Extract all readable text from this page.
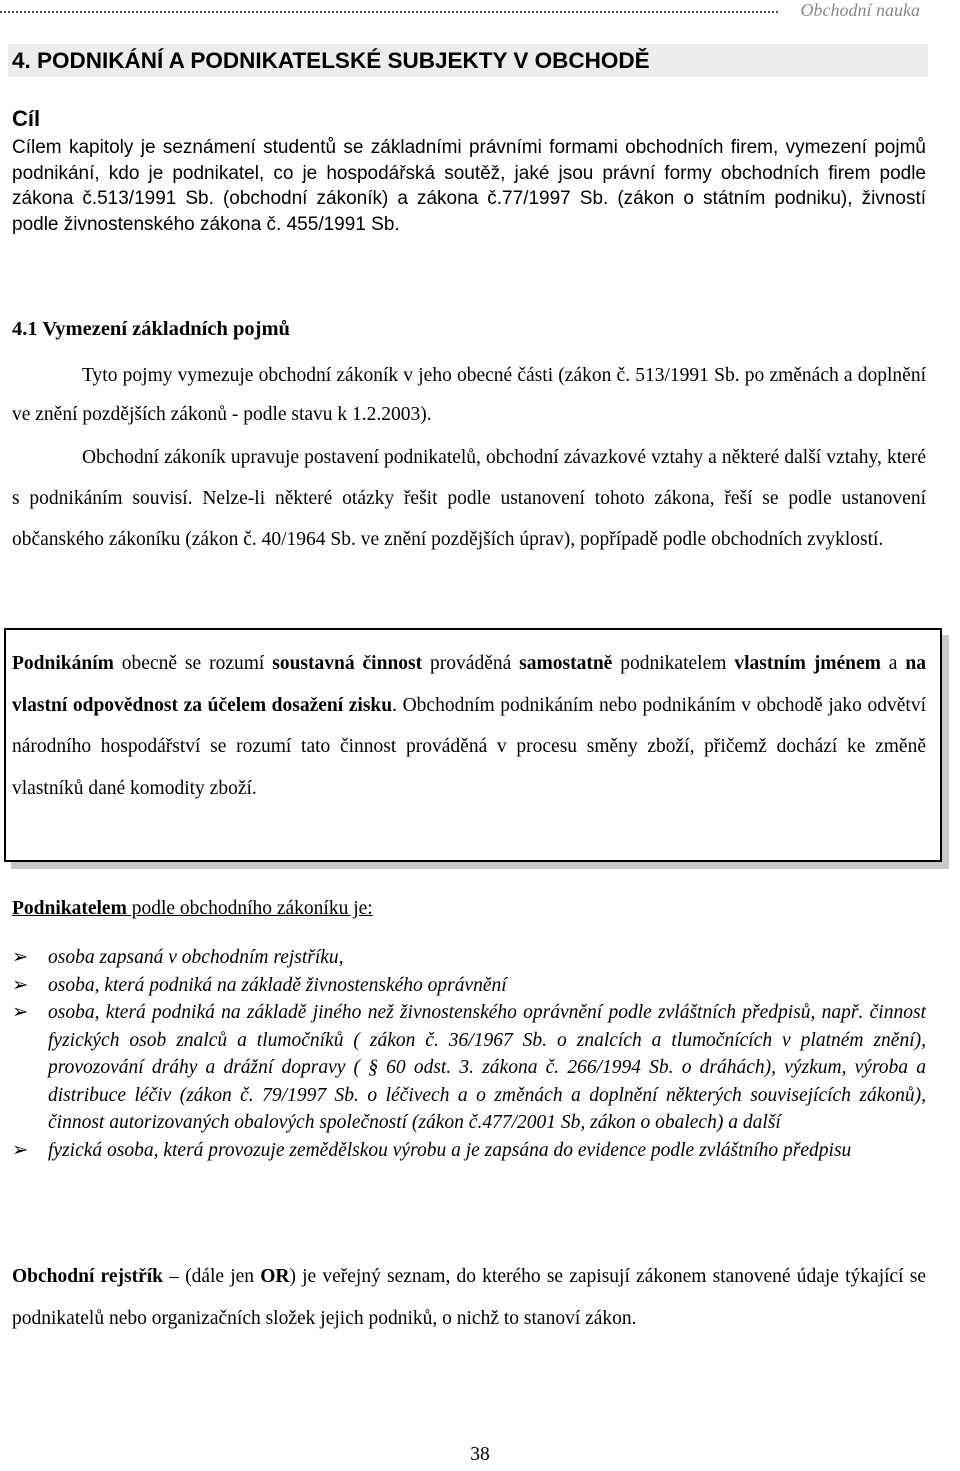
Obchodní nauka
4. PODNIKÁNÍ A PODNIKATELSKÉ SUBJEKTY V OBCHODĚ
Cíl
Cílem kapitoly je seznámení studentů se základními právními formami obchodních firem, vymezení pojmů podnikání, kdo je podnikatel, co je hospodářská soutěž, jaké jsou právní formy obchodních firem podle zákona č.513/1991 Sb. (obchodní zákoník) a zákona č.77/1997 Sb. (zákon o státním podniku), živností podle živnostenského zákona č. 455/1991 Sb.
4.1 Vymezení základních pojmů
Tyto pojmy vymezuje obchodní zákoník v jeho obecné části (zákon č. 513/1991 Sb. po změnách a doplnění ve znění pozdějších zákonů - podle stavu k 1.2.2003).
Obchodní zákoník upravuje postavení podnikatelů, obchodní závazkové vztahy a některé další vztahy, které s podnikáním souvisí. Nelze-li některé otázky řešit podle ustanovení tohoto zákona, řeší se podle ustanovení občanského zákoníku (zákon č. 40/1964 Sb. ve znění pozdějších úprav), popřípadě podle obchodních zvyklostí.
Podnikáním obecně se rozumí soustavná činnost prováděná samostatně podnikatelem vlastním jménem a na vlastní odpovědnost za účelem dosažení zisku. Obchodním podnikáním nebo podnikáním v obchodě jako odvětví národního hospodářství se rozumí tato činnost prováděná v procesu směny zboží, přičemž dochází ke změně vlastníků dané komodity zboží.
Podnikatelem podle obchodního zákoníku je:
➢ osoba zapsaná v obchodním rejstříku,
➢ osoba, která podniká na základě živnostenského oprávnění
➢ osoba, která podniká na základě jiného než živnostenského oprávnění podle zvláštních předpisů, např. činnost fyzických osob znalců a tlumočníků ( zákon č. 36/1967 Sb. o znalcích a tlumočnících v platném znění), provozování dráhy a drážní dopravy ( § 60 odst. 3. zákona č. 266/1994 Sb. o dráhách), výzkum, výroba a distribuce léčiv (zákon č. 79/1997 Sb. o léčivech a o změnách a doplnění některých souvisejících zákonů), činnost autorizovaných obalových společností (zákon č.477/2001 Sb, zákon o obalech) a další
➢ fyzická osoba, která provozuje zemědělskou výrobu a je zapsána do evidence podle zvláštního předpisu
Obchodní rejstřík – (dále jen OR) je veřejný seznam, do kterého se zapisují zákonem stanovené údaje týkající se podnikatelů nebo organizačních složek jejich podniků, o nichž to stanoví zákon.
38
